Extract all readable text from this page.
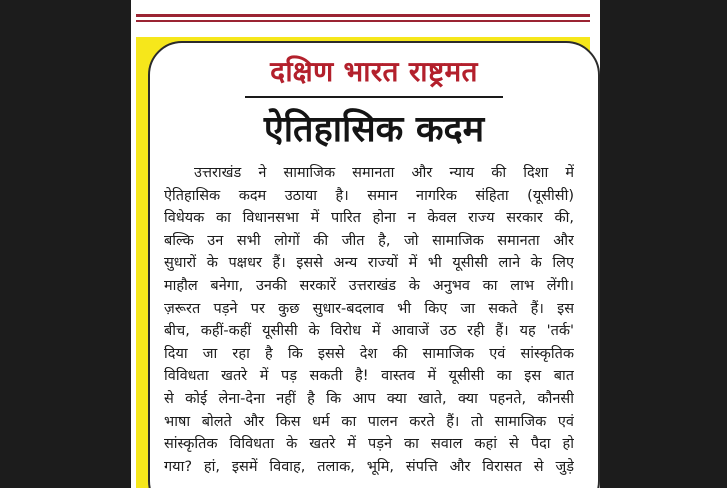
दक्षिण भारत राष्ट्रमत
ऐतिहासिक कदम
उत्तराखंड ने सामाजिक समानता और न्याय की दिशा में
ऐतिहासिक कदम उठाया है। समान नागरिक संहिता (यूसीसी)
विधेयक का विधानसभा में पारित होना न केवल राज्य सरकार की,
बल्कि उन सभी लोगों की जीत है, जो सामाजिक समानता और
सुधारों के पक्षधर हैं। इससे अन्य राज्यों में भी यूसीसी लाने के लिए
माहौल बनेगा, उनकी सरकारें उत्तराखंड के अनुभव का लाभ लेंगी।
ज़रूरत पड़ने पर कुछ सुधार-बदलाव भी किए जा सकते हैं। इस
बीच, कहीं-कहीं यूसीसी के विरोध में आवाजें उठ रही हैं। यह 'तर्क'
दिया जा रहा है कि इससे देश की सामाजिक एवं सांस्कृतिक
विविधता खतरे में पड़ सकती है! वास्तव में यूसीसी का इस बात
से कोई लेना-देना नहीं है कि आप क्या खाते, क्या पहनते, कौनसी
भाषा बोलते और किस धर्म का पालन करते हैं। तो सामाजिक एवं
सांस्कृतिक विविधता के खतरे में पड़ने का सवाल कहां से पैदा हो
गया? हां, इसमें विवाह, तलाक, भूमि, संपत्ति और विरासत से जुड़े
